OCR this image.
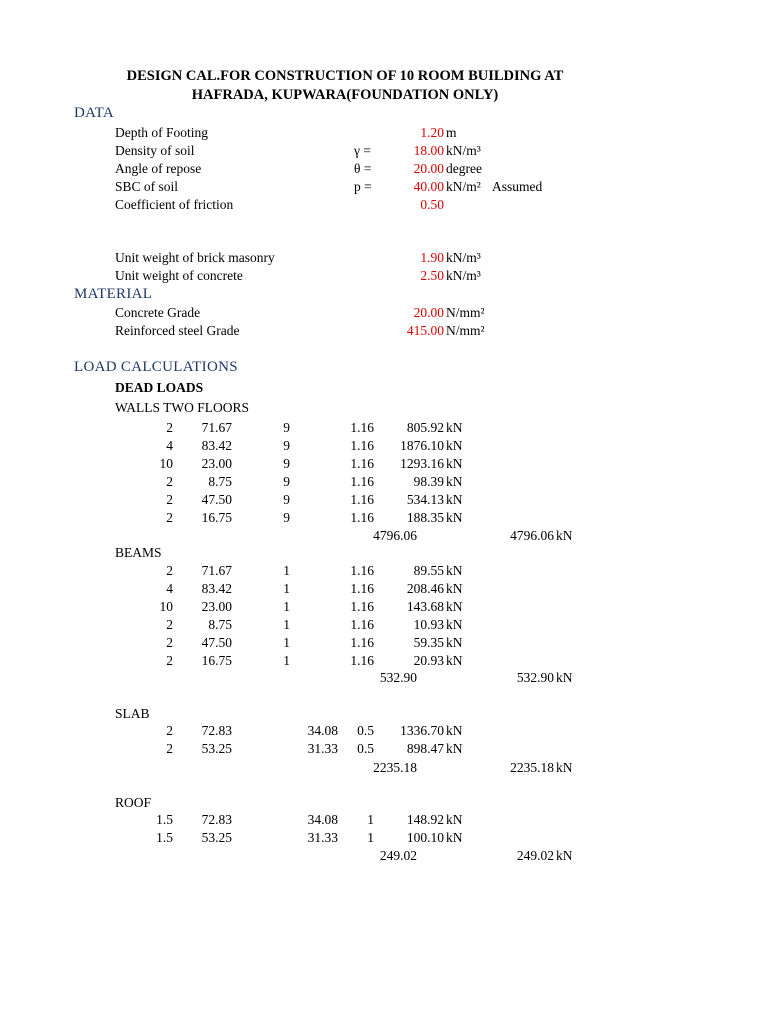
DESIGN CAL.FOR CONSTRUCTION OF 10 ROOM BUILDING AT
HAFRADA, KUPWARA(FOUNDATION ONLY)
DATA
Depth of Footing	1.20 m
Density of soil	γ =	18.00 kN/m³
Angle of repose	θ =	20.00 degree
SBC of soil	p =	40.00 kN/m² Assumed
Coefficient of friction	0.50
Unit weight of brick masonry	1.90 kN/m³
Unit weight of concrete	2.50 kN/m³
MATERIAL
Concrete Grade	20.00 N/mm²
Reinforced steel Grade	415.00 N/mm²
LOAD CALCULATIONS
DEAD LOADS
WALLS TWO FLOORS
2	71.67	9	1.16	805.92 kN
4	83.42	9	1.16	1876.10 kN
10	23.00	9	1.16	1293.16 kN
2	8.75	9	1.16	98.39 kN
2	47.50	9	1.16	534.13 kN
2	16.75	9	1.16	188.35 kN
4796.06	4796.06 kN
BEAMS
2	71.67	1	1.16	89.55 kN
4	83.42	1	1.16	208.46 kN
10	23.00	1	1.16	143.68 kN
2	8.75	1	1.16	10.93 kN
2	47.50	1	1.16	59.35 kN
2	16.75	1	1.16	20.93 kN
532.90	532.90 kN
SLAB
2	72.83	34.08	0.5	1336.70 kN
2	53.25	31.33	0.5	898.47 kN
2235.18	2235.18 kN
ROOF
1.5	72.83	34.08	1	148.92 kN
1.5	53.25	31.33	1	100.10 kN
249.02	249.02 kN
